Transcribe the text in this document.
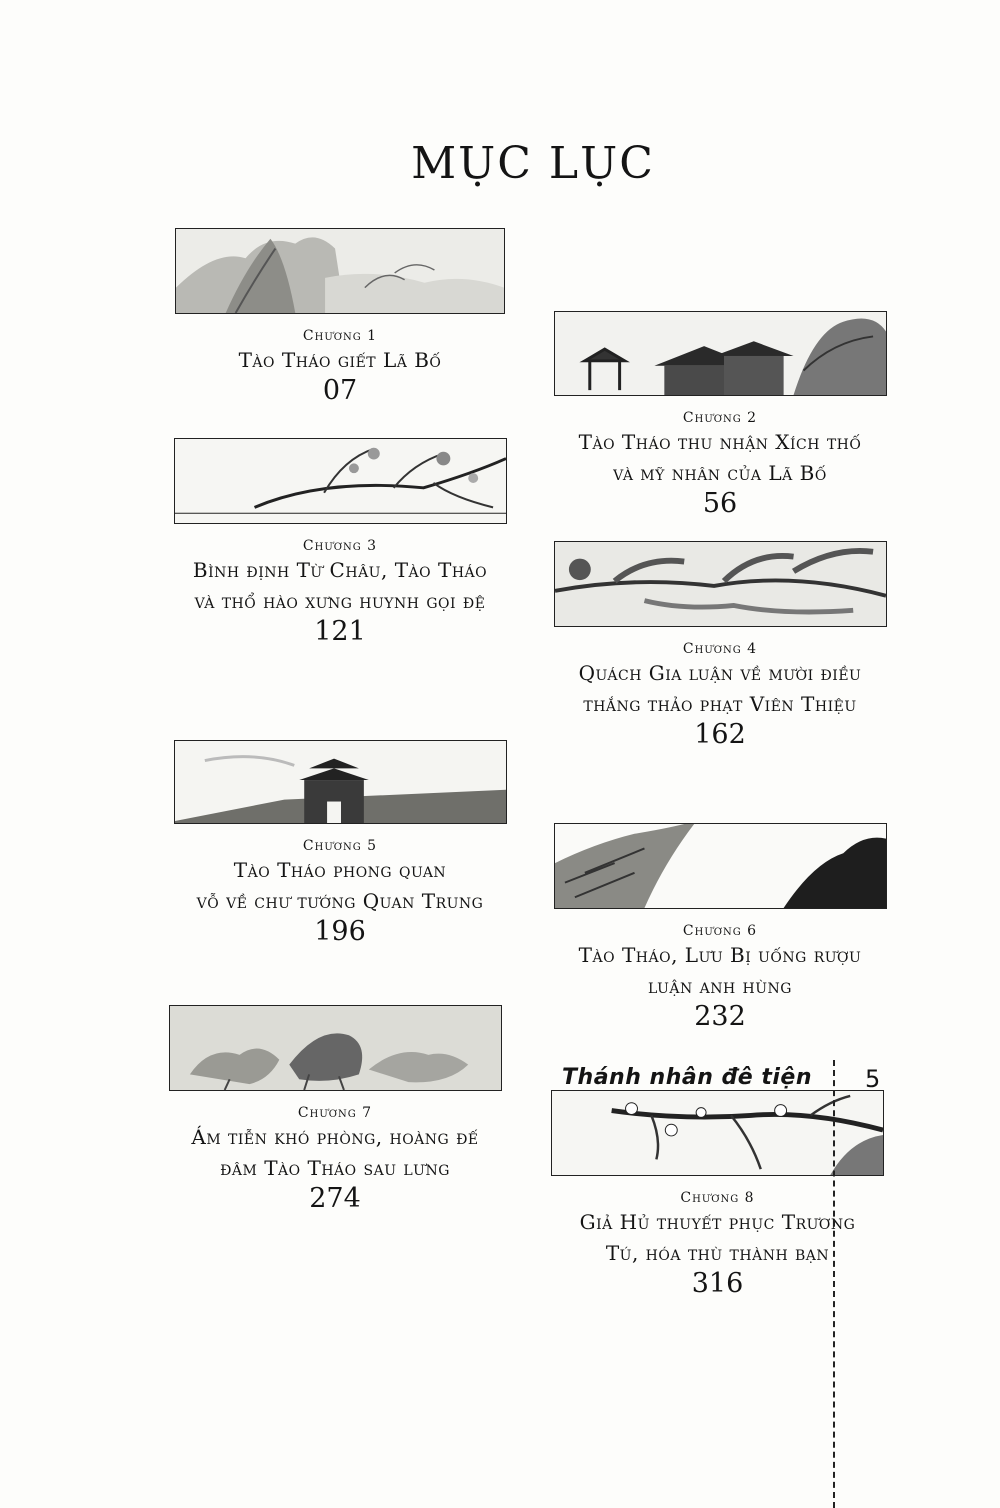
MỤC LỤC
Chương 1
Tào Tháo giết Lã Bố
07
Chương 2
Tào Tháo thu nhận Xích thố
và mỹ nhân của Lã Bố
56
Chương 3
Bình định Từ Châu, Tào Tháo
và thổ hào xưng huynh gọi đệ
121
Chương 4
Quách Gia luận về mười điều
thắng thảo phạt Viên Thiệu
162
Chương 5
Tào Tháo phong quan
vỗ về chư tướng Quan Trung
196	Chương 6
Tào Tháo, Lưu Bị uống rượu
luận anh hùng
232
Chương 7
Ám tiễn khó phòng, hoàng đế
đâm Tào Tháo sau lưng
274	Chương 8
Giả Hủ thuyết phục Trương
Tú, hóa thù thành bạn
316
Thánh nhân đê tiện 5
